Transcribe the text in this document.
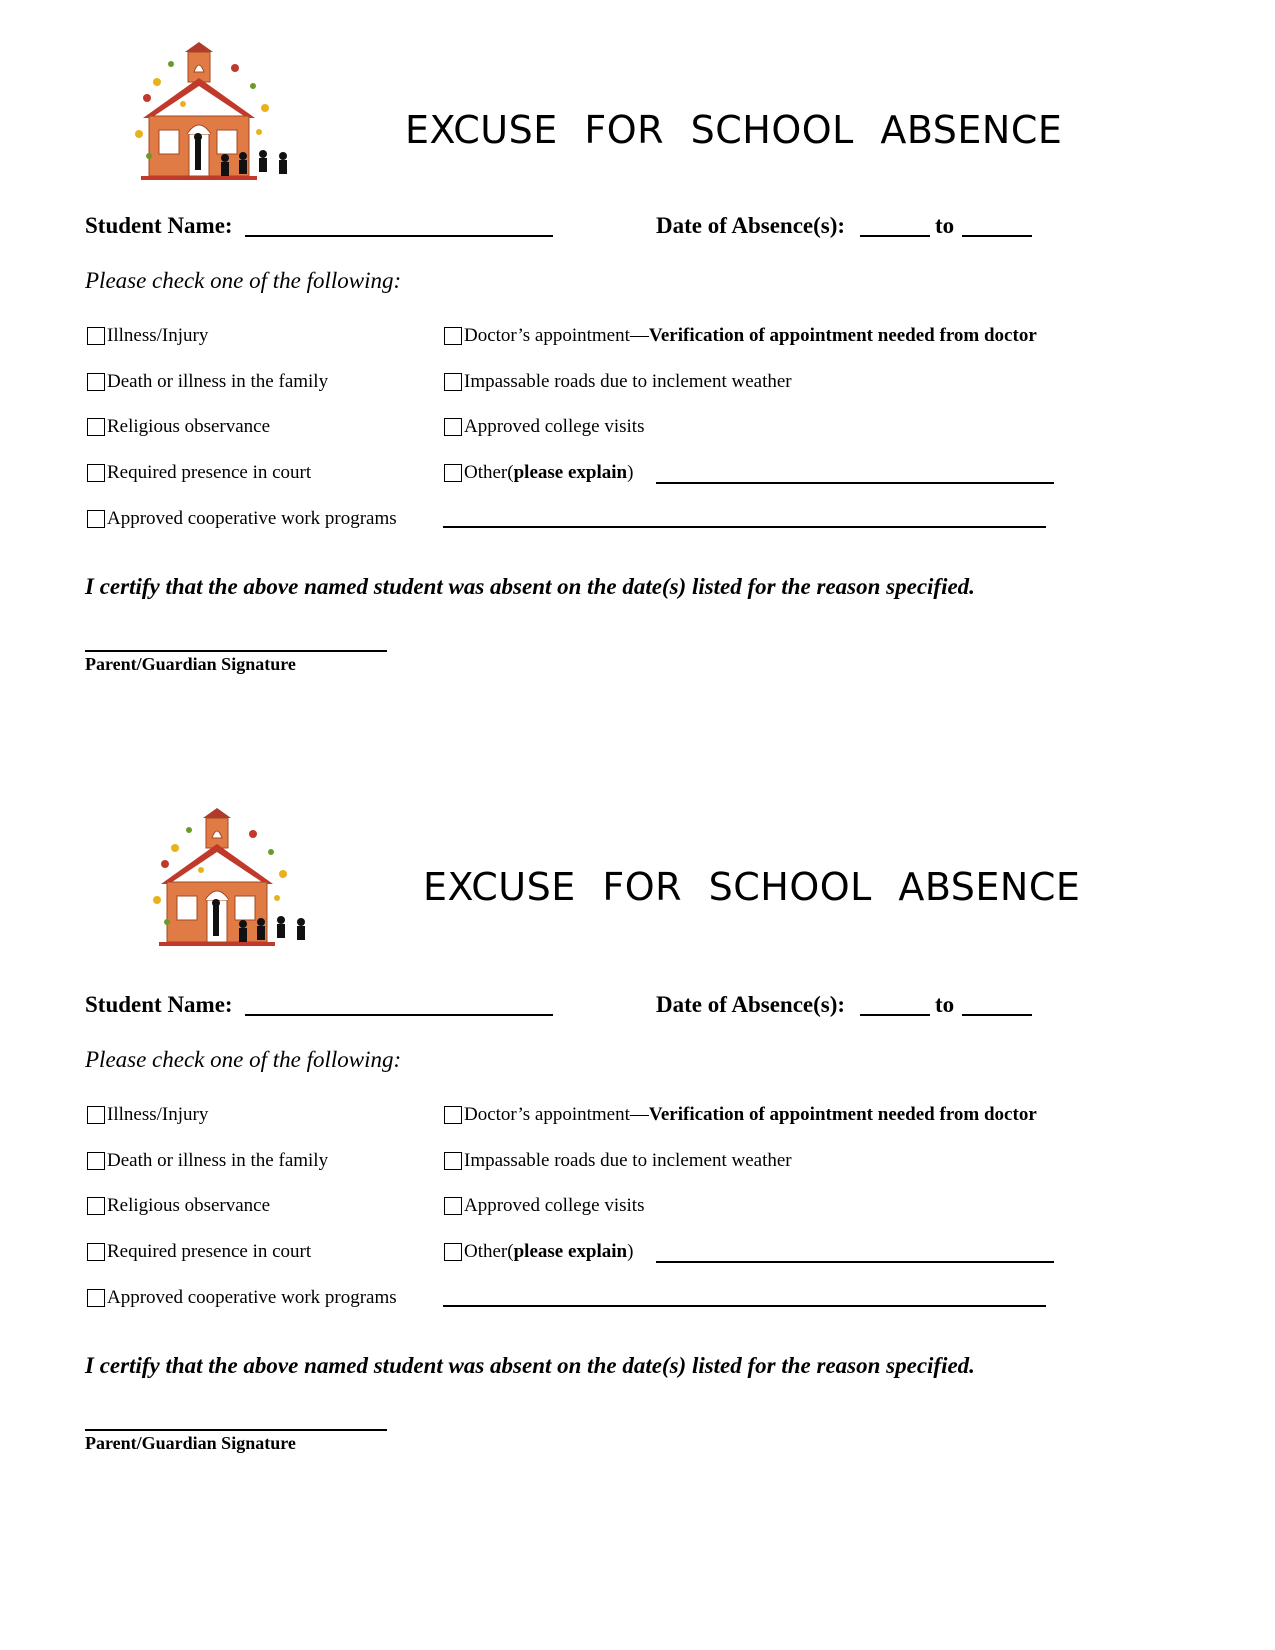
EXCUSE FOR SCHOOL ABSENCE
Student Name:	Date of Absence(s):	to
Please check one of the following:
Illness/Injury
Death or illness in the family
Religious observance
Required presence in court
Approved cooperative work programs
Doctor’s appointment— Verification of appointment needed from doctor
Impassable roads due to inclement weather
Approved college visits
Other ( please explain )
I certify that the above named student was absent on the date(s) listed for the reason specified.
Parent/Guardian Signature
EXCUSE FOR SCHOOL ABSENCE
Student Name:	Date of Absence(s):	to
Please check one of the following:
Illness/Injury
Death or illness in the family
Religious observance
Required presence in court
Approved cooperative work programs
Doctor’s appointment— Verification of appointment needed from doctor
Impassable roads due to inclement weather
Approved college visits
Other ( please explain )
I certify that the above named student was absent on the date(s) listed for the reason specified.
Parent/Guardian Signature
